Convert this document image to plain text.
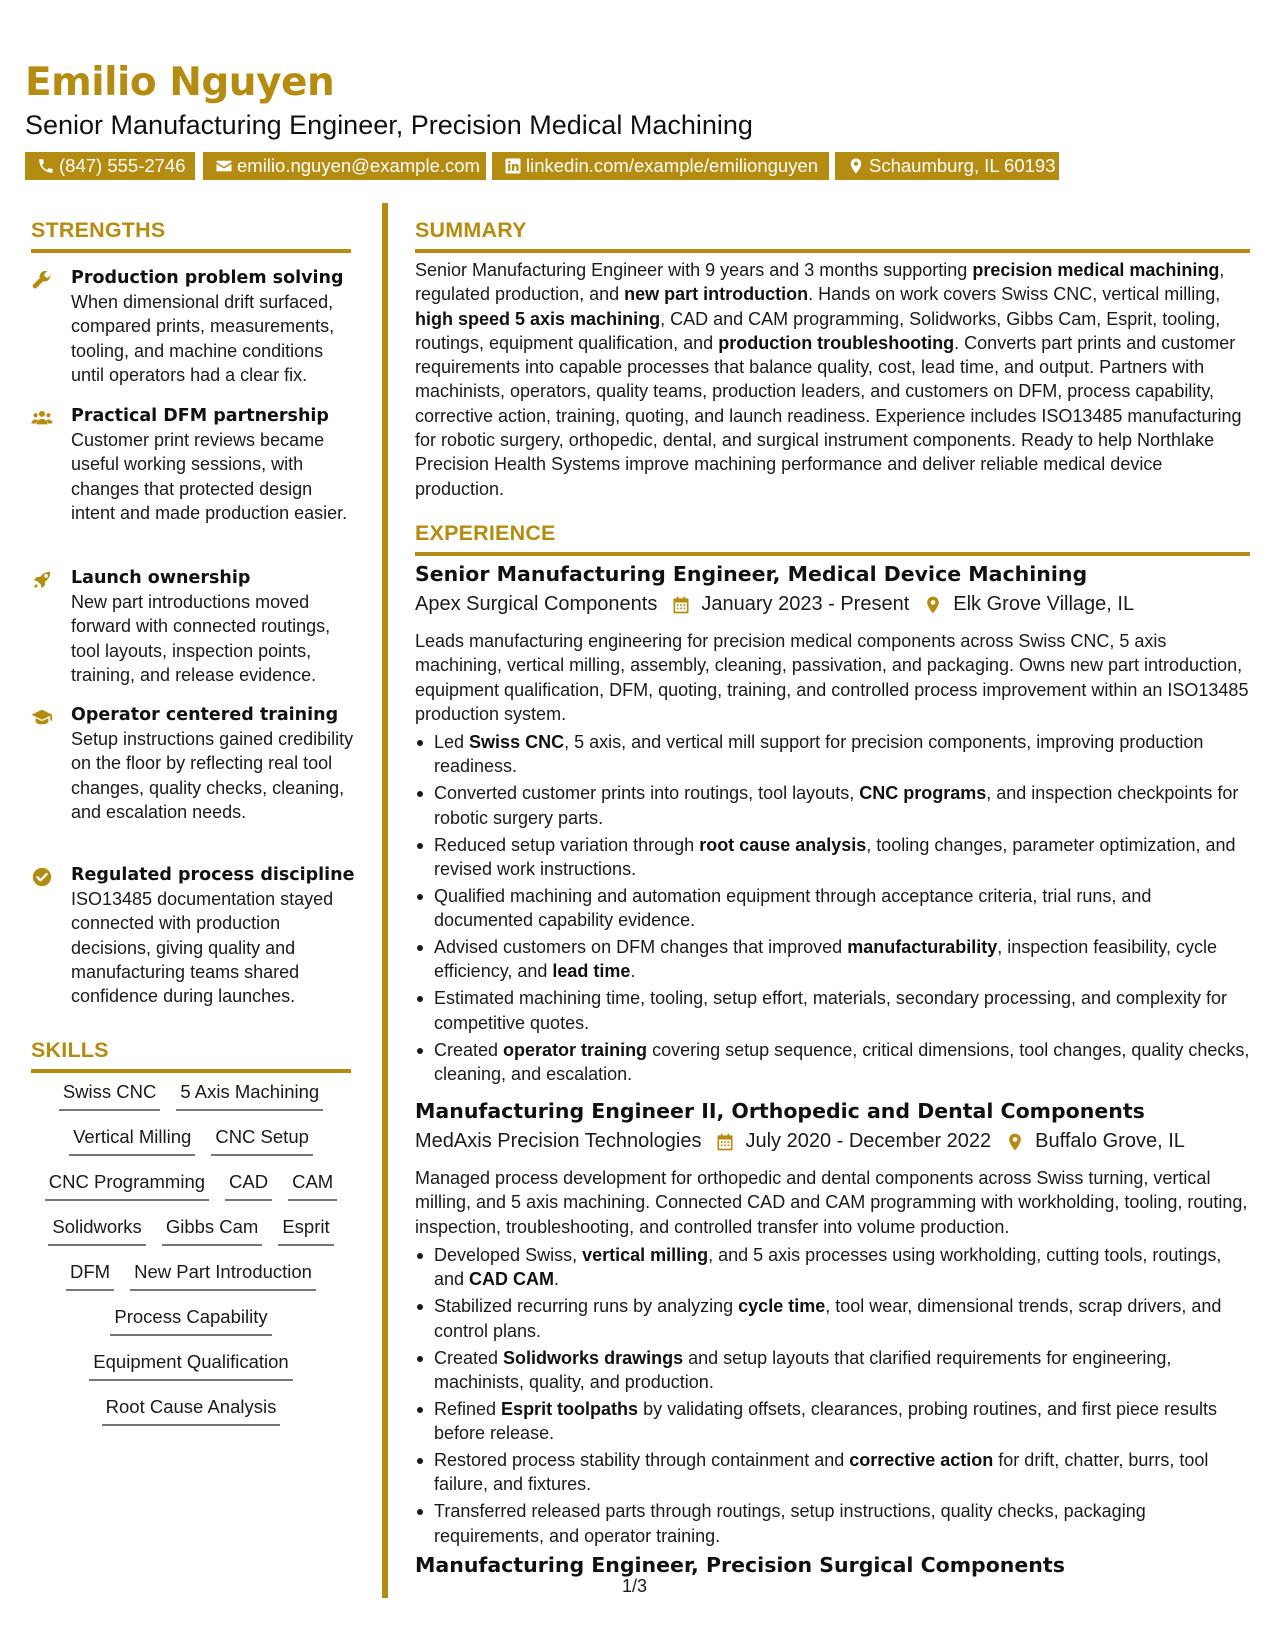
Emilio Nguyen
Senior Manufacturing Engineer, Precision Medical Machining
(847) 555-2746	emilio.nguyen@example.com	linkedin.com/example/emilionguyen	Schaumburg, IL 60193
STRENGTHS
Production problem solving
When dimensional drift surfaced, compared prints, measurements, tooling, and machine conditions until operators had a clear fix.
Practical DFM partnership
Customer print reviews became useful working sessions, with changes that protected design intent and made production easier.
Launch ownership
New part introductions moved forward with connected routings, tool layouts, inspection points, training, and release evidence.
Operator centered training
Setup instructions gained credibility on the floor by reflecting real tool changes, quality checks, cleaning, and escalation needs.
Regulated process discipline
ISO13485 documentation stayed connected with production decisions, giving quality and manufacturing teams shared confidence during launches.
SKILLS
Swiss CNC 5 Axis Machining
Vertical Milling CNC Setup
CNC Programming CAD CAM
Solidworks Gibbs Cam Esprit
DFM New Part Introduction
Process Capability
Equipment Qualification
Root Cause Analysis
SUMMARY

Senior Manufacturing Engineer with 9 years and 3 months supporting precision medical machining, regulated production, and new part introduction. Hands on work covers Swiss CNC, vertical milling, high speed 5 axis machining, CAD and CAM programming, Solidworks, Gibbs Cam, Esprit, tooling, routings, equipment qualification, and production troubleshooting. Converts part prints and customer requirements into capable processes that balance quality, cost, lead time, and output. Partners with machinists, operators, quality teams, production leaders, and customers on DFM, process capability, corrective action, training, quoting, and launch readiness. Experience includes ISO13485 manufacturing for robotic surgery, orthopedic, dental, and surgical instrument components. Ready to help Northlake Precision Health Systems improve machining performance and deliver reliable medical device production.

EXPERIENCE
Senior Manufacturing Engineer, Medical Device Machining
Apex Surgical Components January 2023 - Present Elk Grove Village, IL

Leads manufacturing engineering for precision medical components across Swiss CNC, 5 axis machining, vertical milling, assembly, cleaning, passivation, and packaging. Owns new part introduction, equipment qualification, DFM, quoting, training, and controlled process improvement within an ISO13485 production system.

Led Swiss CNC, 5 axis, and vertical mill support for precision components, improving production readiness.
Converted customer prints into routings, tool layouts, CNC programs, and inspection checkpoints for robotic surgery parts.
Reduced setup variation through root cause analysis, tooling changes, parameter optimization, and revised work instructions.
Qualified machining and automation equipment through acceptance criteria, trial runs, and documented capability evidence.
Advised customers on DFM changes that improved manufacturability, inspection feasibility, cycle efficiency, and lead time.
Estimated machining time, tooling, setup effort, materials, secondary processing, and complexity for competitive quotes.
Created operator training covering setup sequence, critical dimensions, tool changes, quality checks, cleaning, and escalation.
Manufacturing Engineer II, Orthopedic and Dental Components
MedAxis Precision Technologies July 2020 - December 2022 Buffalo Grove, IL

Managed process development for orthopedic and dental components across Swiss turning, vertical milling, and 5 axis machining. Connected CAD and CAM programming with workholding, tooling, routing, inspection, troubleshooting, and controlled transfer into volume production.

Developed Swiss, vertical milling, and 5 axis processes using workholding, cutting tools, routings, and CAD CAM.
Stabilized recurring runs by analyzing cycle time, tool wear, dimensional trends, scrap drivers, and control plans.
Created Solidworks drawings and setup layouts that clarified requirements for engineering, machinists, quality, and production.
Refined Esprit toolpaths by validating offsets, clearances, probing routines, and first piece results before release.
Restored process stability through containment and corrective action for drift, chatter, burrs, tool failure, and fixtures.
Transferred released parts through routings, setup instructions, quality checks, packaging requirements, and operator training.
Manufacturing Engineer, Precision Surgical Components
1/3
